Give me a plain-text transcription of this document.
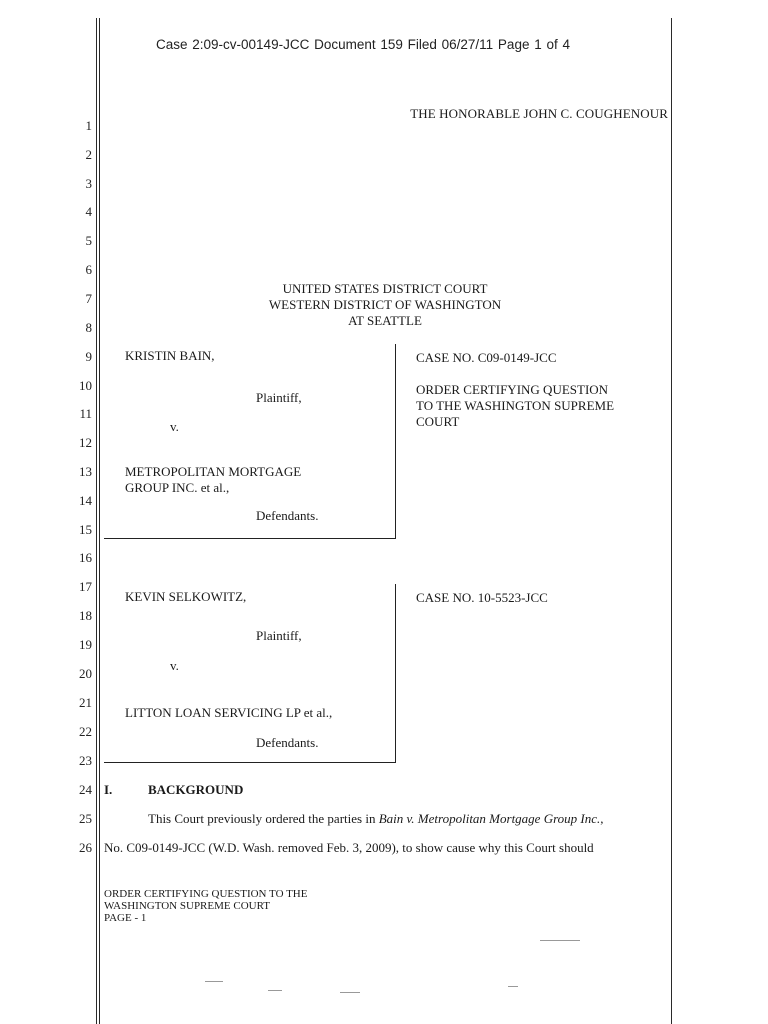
Case 2:09-cv-00149-JCC Document 159 Filed 06/27/11 Page 1 of 4
THE HONORABLE JOHN C. COUGHENOUR
1
2
3
4
5
6
7
8
9
10
11
12
13
14
15
16
17
18
19
20
21
22
23
24
25
26
UNITED STATES DISTRICT COURT
WESTERN DISTRICT OF WASHINGTON
AT SEATTLE
KRISTIN BAIN,
Plaintiff,
v.
METROPOLITAN MORTGAGE
GROUP INC. et al.,
Defendants.
CASE NO. C09-0149-JCC
ORDER CERTIFYING QUESTION
TO THE WASHINGTON SUPREME
COURT
KEVIN SELKOWITZ,
Plaintiff,
v.
LITTON LOAN SERVICING LP et al.,
Defendants.
CASE NO. 10-5523-JCC
I.	BACKGROUND
This Court previously ordered the parties in Bain v. Metropolitan Mortgage Group Inc.,
No. C09-0149-JCC (W.D. Wash. removed Feb. 3, 2009), to show cause why this Court should
ORDER CERTIFYING QUESTION TO THE
WASHINGTON SUPREME COURT
PAGE - 1
